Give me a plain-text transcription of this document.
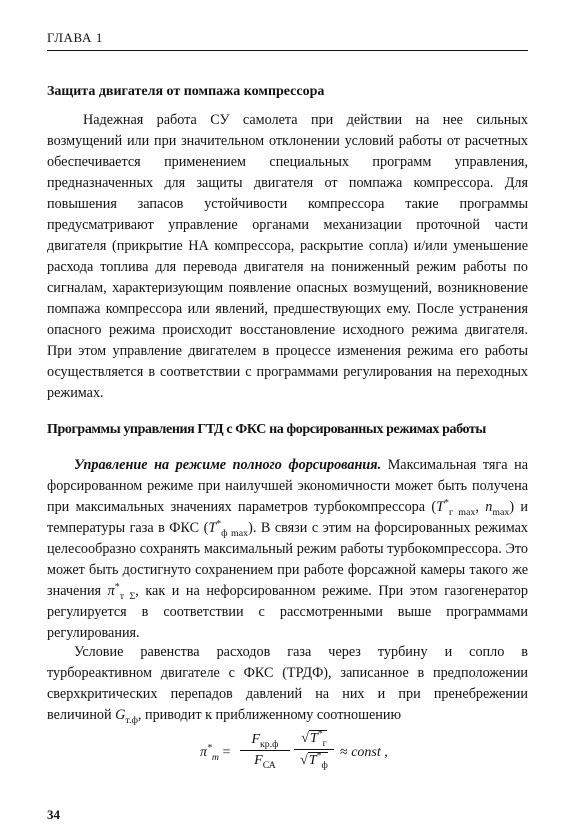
ГЛАВА 1
Защита двигателя от помпажа компрессора
Надежная работа СУ самолета при действии на нее сильных возмущений или при значительном отклонении условий работы от расчетных обеспечивается применением специальных программ управления, предназначенных для защиты двигателя от помпажа компрессора. Для повышения запасов устойчивости компрессора такие программы предусматривают управление органами механизации проточной части двигателя (прикрытие НА компрессора, раскрытие сопла) и/или уменьшение расхода топлива для перевода двигателя на пониженный режим работы по сигналам, характеризующим появление опасных возмущений, возникновение помпажа компрессора или явлений, предшествующих ему. После устранения опасного режима происходит восстановление исходного режима двигателя. При этом управление двигателем в процессе изменения режима его работы осуществляется в соответствии с программами регулирования на переходных режимах.
Программы управления ГТД с ФКС на форсированных режимах работы
Управление на режиме полного форсирования. Максимальная тяга на форсированном режиме при наилучшей экономичности может быть получена при максимальных значениях параметров турбокомпрессора ($T^*_{г max}$, $n_{max}$) и температуры газа в ФКС $(T^*_{ф max})$. В связи с этим на форсированных режимах целесообразно сохранять максимальный режим работы турбокомпрессора. Это может быть достигнуто сохранением при работе форсажной камеры такого же значения $\pi^*_{т \Sigma}$, как и на нефорсированном режиме. При этом газогенератор регулируется в соответствии с рассмотренными выше программами регулирования.
Условие равенства расходов газа через турбину и сопло в турбореактивном двигателе с ФКС (ТРДФ), записанное в предположении сверхкритических перепадов давлений на них и при пренебрежении величиной $G_{т.ф}$, приводит к приближенному соотношению
$\pi^*_т$ =
$F_{кр.ф}$
$F_{СА}$
$√T^*_г$
$√T^*_ф$
≈ const ,
34
